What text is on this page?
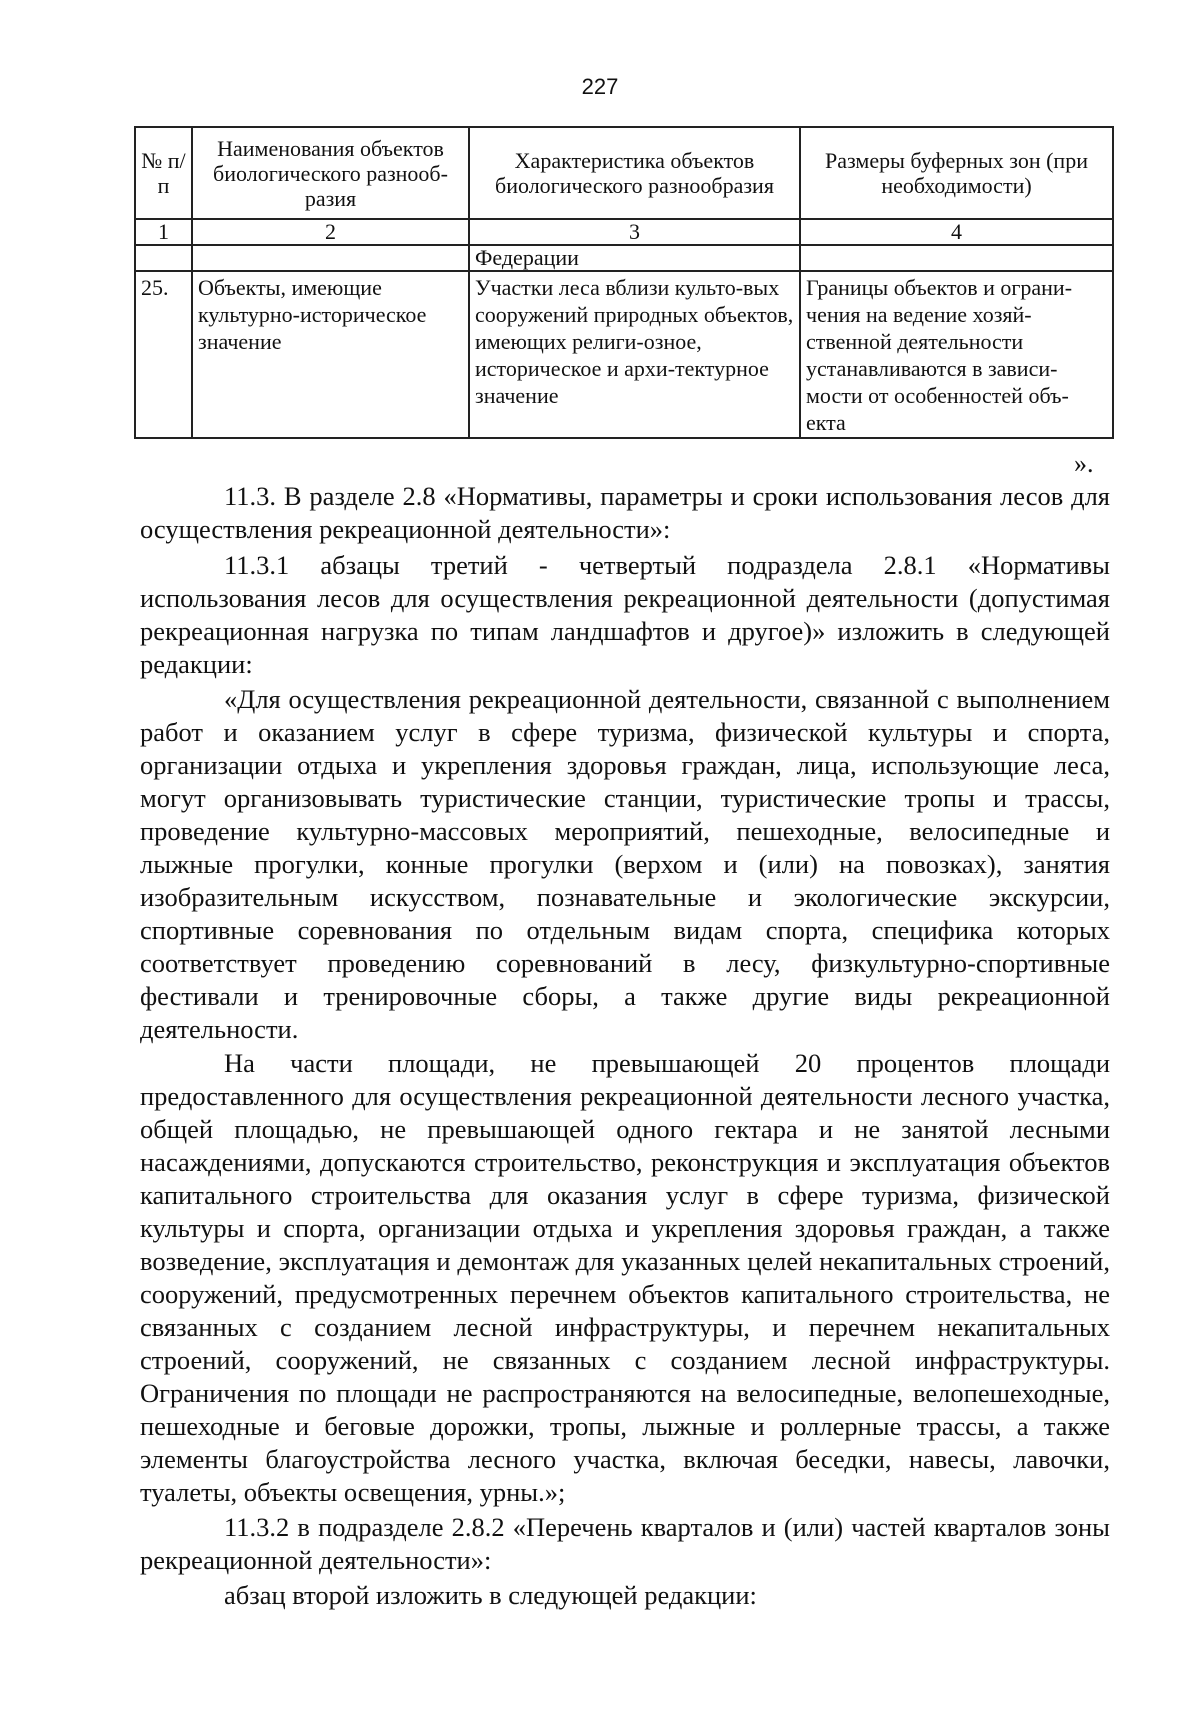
227
№ п/п	Наименования объектов биологического разнооб-разия	Характеристика объектов биологического разнообразия	Размеры буферных зон (при необходимости)
1	2	3	4
		Федерации	
25.	Объекты, имеющие культурно-историческое значение	Участки леса вблизи культо-вых сооружений природных объектов, имеющих религи-озное, историческое и архи-тектурное значение	Границы объектов и ограни-чения на ведение хозяй-ственной деятельности устанавливаются в зависи-мости от особенностей объ-екта
».

11.3. В разделе 2.8 «Нормативы, параметры и сроки использования лесов для осуществления рекреационной деятельности»:

11.3.1 абзацы третий - четвертый подраздела 2.8.1 «Нормативы использования лесов для осуществления рекреационной деятельности (допустимая рекреационная нагрузка по типам ландшафтов и другое)» изложить в следующей редакции:

«Для осуществления рекреационной деятельности, связанной с выполнением работ и оказанием услуг в сфере туризма, физической культуры и спорта, организации отдыха и укрепления здоровья граждан, лица, использующие леса, могут организовывать туристические станции, туристические тропы и трассы, проведение культурно-массовых мероприятий, пешеходные, велосипедные и лыжные прогулки, конные прогулки (верхом и (или) на повозках), занятия изобразительным искусством, познавательные и экологические экскурсии, спортивные соревнования по отдельным видам спорта, специфика которых соответствует проведению соревнований в лесу, физкультурно-спортивные фестивали и тренировочные сборы, а также другие виды рекреационной деятельности.

На части площади, не превышающей 20 процентов площади предоставленного для осуществления рекреационной деятельности лесного участка, общей площадью, не превышающей одного гектара и не занятой лесными насаждениями, допускаются строительство, реконструкция и эксплуатация объектов капитального строительства для оказания услуг в сфере туризма, физической культуры и спорта, организации отдыха и укрепления здоровья граждан, а также возведение, эксплуатация и демонтаж для указанных целей некапитальных строений, сооружений, предусмотренных перечнем объектов капитального строительства, не связанных с созданием лесной инфраструктуры, и перечнем некапитальных строений, сооружений, не связанных с созданием лесной инфраструктуры. Ограничения по площади не распространяются на велосипедные, велопешеходные, пешеходные и беговые дорожки, тропы, лыжные и роллерные трассы, а также элементы благоустройства лесного участка, включая беседки, навесы, лавочки, туалеты, объекты освещения, урны.»;

11.3.2 в подразделе 2.8.2 «Перечень кварталов и (или) частей кварталов зоны рекреационной деятельности»:

абзац второй изложить в следующей редакции:
